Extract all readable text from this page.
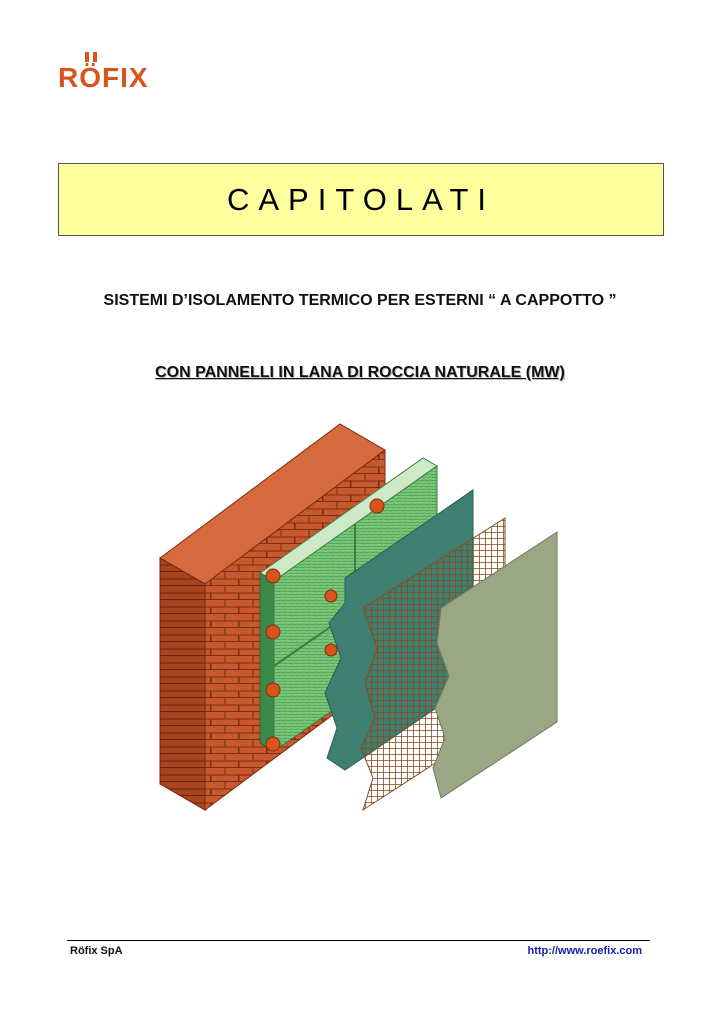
RÖFIX
CAPITOLATI
SISTEMI D’ISOLAMENTO TERMICO PER ESTERNI “ A CAPPOTTO ”
CON PANNELLI IN LANA DI ROCCIA NATURALE (MW)
Röfix SpA	http://www.roefix.com
